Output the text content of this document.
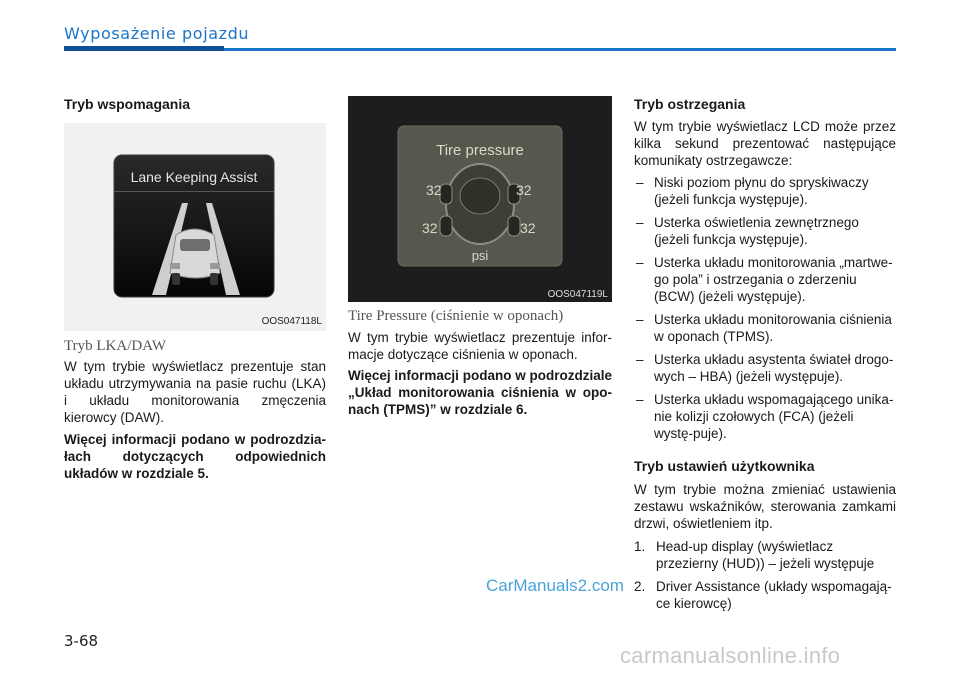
Wyposażenie pojazdu
Tryb wspomagania
Lane Keeping Assist
OOS047118L
Tryb LKA/DAW

W tym trybie wyświetlacz prezentuje stan układu utrzymywania na pasie ruchu (LKA) i układu monitorowania zmęczenia kierowcy (DAW).

Więcej informacji podano w podrozdzia-łach dotyczących odpowiednich układów w rozdziale 5.

Tire pressure
32	32
32	32
psi
OOS047119L
Tire Pressure (ciśnienie w oponach)

W tym trybie wyświetlacz prezentuje infor-macje dotyczące ciśnienia w oponach.

Więcej informacji podano w podrozdziale „Układ monitorowania ciśnienia w opo-nach (TPMS)” w rozdziale 6.

Tryb ostrzegania

W tym trybie wyświetlacz LCD może przez kilka sekund prezentować następujące komunikaty ostrzegawcze:

– Niski poziom płynu do spryskiwaczy (jeżeli funkcja występuje).
– Usterka oświetlenia zewnętrznego (jeżeli funkcja występuje).
– Usterka układu monitorowania „martwe-go pola” i ostrzegania o zderzeniu (BCW) (jeżeli występuje).
– Usterka układu monitorowania ciśnienia w oponach (TPMS).
– Usterka układu asystenta świateł drogo-wych – HBA) (jeżeli występuje).
– Usterka układu wspomagającego unika-nie kolizji czołowych (FCA) (jeżeli wystę-puje).
Tryb ustawień użytkownika

W tym trybie można zmieniać ustawienia zestawu wskaźników, sterowania zamkami drzwi, oświetleniem itp.

1. Head-up display (wyświetlacz przezierny (HUD)) – jeżeli występuje
2. Driver Assistance (układy wspomagają-ce kierowcę)
CarManuals2.com
3-68
carmanualsonline.info
